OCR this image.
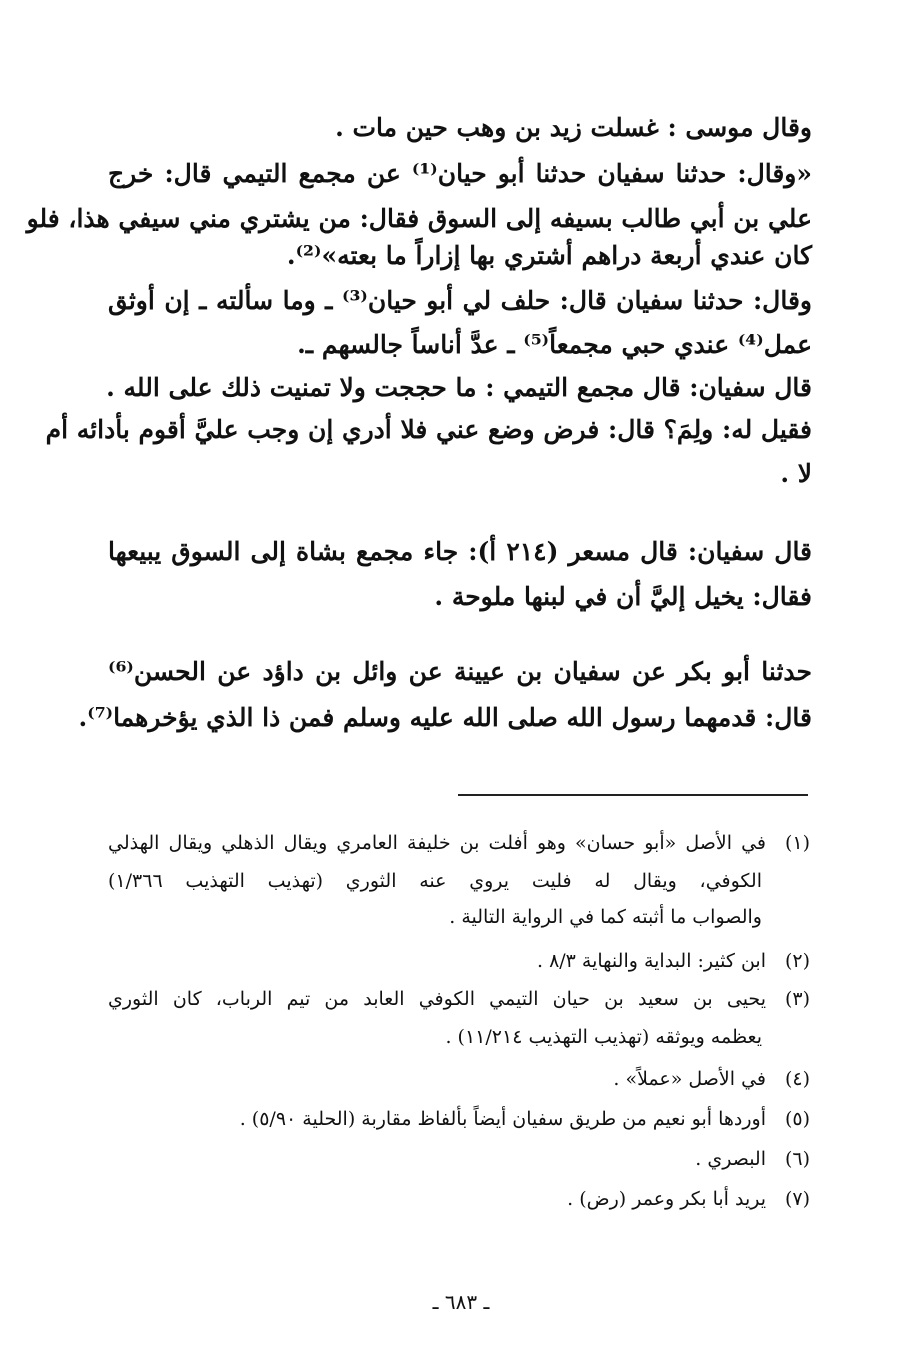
وقال موسى : غسلت زيد بن وهب حين مات .
«وقال: حدثنا سفيان حدثنا أبو حيان⁽¹⁾ عن مجمع التيمي قال: خرج
علي بن أبي طالب بسيفه إلى السوق فقال: من يشتري مني سيفي هذا، فلو
كان عندي أربعة دراهم أشتري بها إزاراً ما بعته»⁽²⁾.
وقال: حدثنا سفيان قال: حلف لي أبو حيان⁽³⁾ ـ وما سألته ـ إن أوثق
عمل⁽⁴⁾ عندي حبي مجمعاً⁽⁵⁾ ـ عدَّ أناساً جالسهم ـ.
قال سفيان: قال مجمع التيمي : ما حججت ولا تمنيت ذلك على الله .
فقيل له: ولِمَ؟ قال: فرض وضع عني فلا أدري إن وجب عليَّ أقوم بأدائه أم
لا .
قال سفيان: قال مسعر (٢١٤ أ): جاء مجمع بشاة إلى السوق يبيعها
فقال: يخيل إليَّ أن في لبنها ملوحة .
حدثنا أبو بكر عن سفيان بن عيينة عن وائل بن داؤد عن الحسن⁽⁶⁾
قال: قدمهما رسول الله صلى الله عليه وسلم فمن ذا الذي يؤخرهما⁽⁷⁾.
(١)في الأصل «أبو حسان» وهو أفلت بن خليفة العامري ويقال الذهلي ويقال الهذلي
الكوفي، ويقال له فليت يروي عنه الثوري (تهذيب التهذيب ١/٣٦٦)
والصواب ما أثبته كما في الرواية التالية .
(٢)ابن كثير: البداية والنهاية ٨/٣ .
(٣)يحيى بن سعيد بن حيان التيمي الكوفي العابد من تيم الرباب، كان الثوري
يعظمه ويوثقه (تهذيب التهذيب ١١/٢١٤) .
(٤)في الأصل «عملاً» .
(٥)أوردها أبو نعيم من طريق سفيان أيضاً بألفاظ مقاربة (الحلية ٥/٩٠) .
(٦)البصري .
(٧)يريد أبا بكر وعمر (رض) .
ـ ٦٨٣ ـ
